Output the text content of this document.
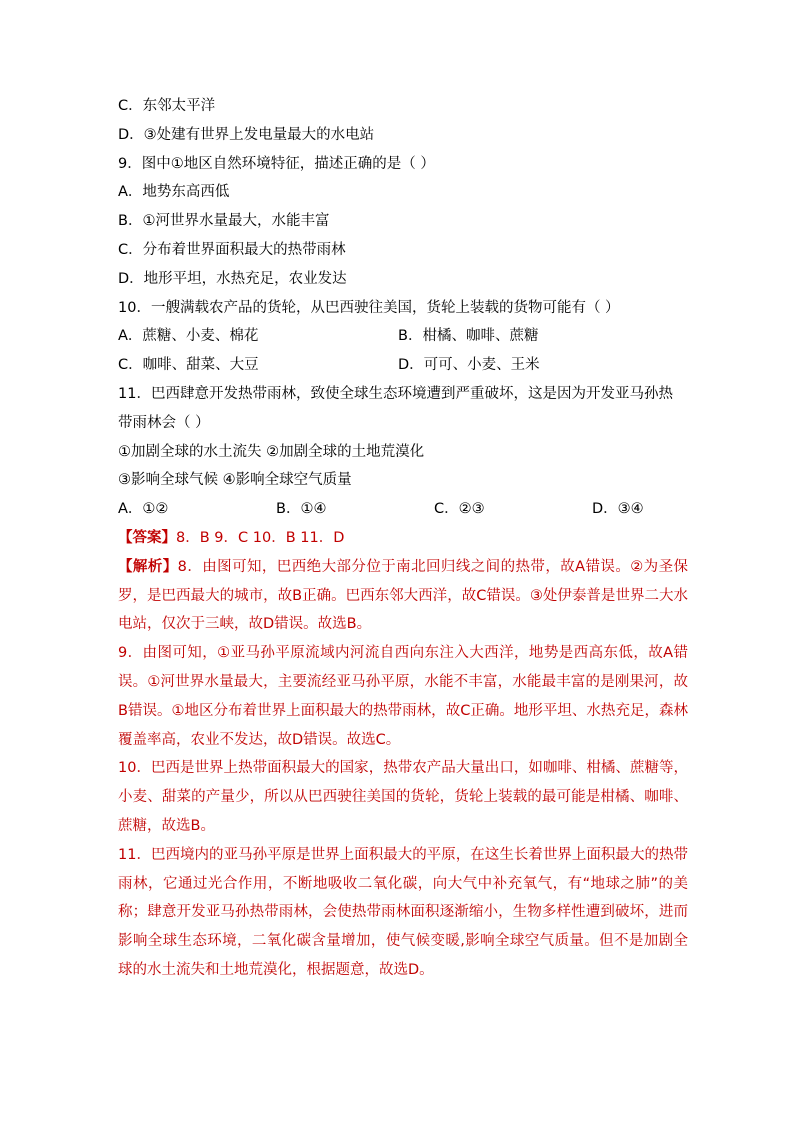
C．东邻太平洋
D．③处建有世界上发电量最大的水电站
9．图中①地区自然环境特征，描述正确的是（ ）
A．地势东高西低
B．①河世界水量最大，水能丰富
C．分布着世界面积最大的热带雨林
D．地形平坦，水热充足，农业发达
10．一艘满载农产品的货轮，从巴西驶往美国，货轮上装载的货物可能有（ ）
A．蔗糖、小麦、棉花	B．柑橘、咖啡、蔗糖
C．咖啡、甜菜、大豆	D．可可、小麦、王米
11．巴西肆意开发热带雨林，致使全球生态环境遭到严重破坏，这是因为开发亚马孙热
带雨林会（ ）
①加剧全球的水土流失 ②加剧全球的土地荒漠化
③影响全球气候 ④影响全球空气质量
A．①②	B．①④	C．②③	D．③④
【答案】8．B 9．C 10．B 11．D
【解析】8．由图可知，巴西绝大部分位于南北回归线之间的热带，故A错误。②为圣保罗，是巴西最大的城市，故B正确。巴西东邻大西洋，故C错误。③处伊泰普是世界二大水电站，仅次于三峡，故D错误。故选B。
9．由图可知，①亚马孙平原流域内河流自西向东注入大西洋，地势是西高东低，故A错误。①河世界水量最大，主要流经亚马孙平原，水能不丰富，水能最丰富的是刚果河，故B错误。①地区分布着世界上面积最大的热带雨林，故C正确。地形平坦、水热充足，森林覆盖率高，农业不发达，故D错误。故选C。
10．巴西是世界上热带面积最大的国家，热带农产品大量出口，如咖啡、柑橘、蔗糖等，小麦、甜菜的产量少，所以从巴西驶往美国的货轮，货轮上装载的最可能是柑橘、咖啡、蔗糖，故选B。
11．巴西境内的亚马孙平原是世界上面积最大的平原，在这生长着世界上面积最大的热带雨林，它通过光合作用，不断地吸收二氧化碳，向大气中补充氧气，有“地球之肺”的美称；肆意开发亚马孙热带雨林，会使热带雨林面积逐渐缩小，生物多样性遭到破坏，进而影响全球生态环境，二氧化碳含量增加，使气候变暖,影响全球空气质量。但不是加剧全球的水土流失和土地荒漠化，根据题意，故选D。
